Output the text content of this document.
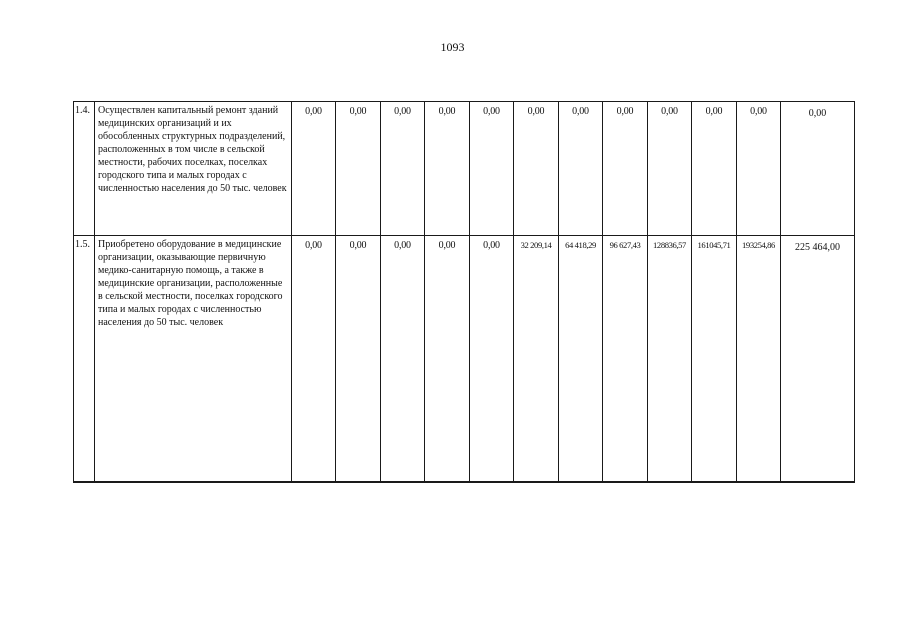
1093
1.4.	Осуществлен капитальный ремонт зданий медицинских организаций и их обособленных структурных подразделений, расположенных в том числе в сельской местности, рабочих поселках, поселках городского типа и малых городах с численностью населения до 50 тыс. человек	0,00	0,00	0,00	0,00	0,00	0,00	0,00	0,00	0,00	0,00	0,00	0,00
1.5.	Приобретено оборудование в медицинские организации, оказывающие первичную медико-санитарную помощь, а также в медицинские организации, расположенные в сельской местности, поселках городского типа и малых городах с численностью населения до 50 тыс. человек	0,00	0,00	0,00	0,00	0,00	32 209,14	64 418,29	96 627,43	128836,57	161045,71	193254,86	225 464,00
